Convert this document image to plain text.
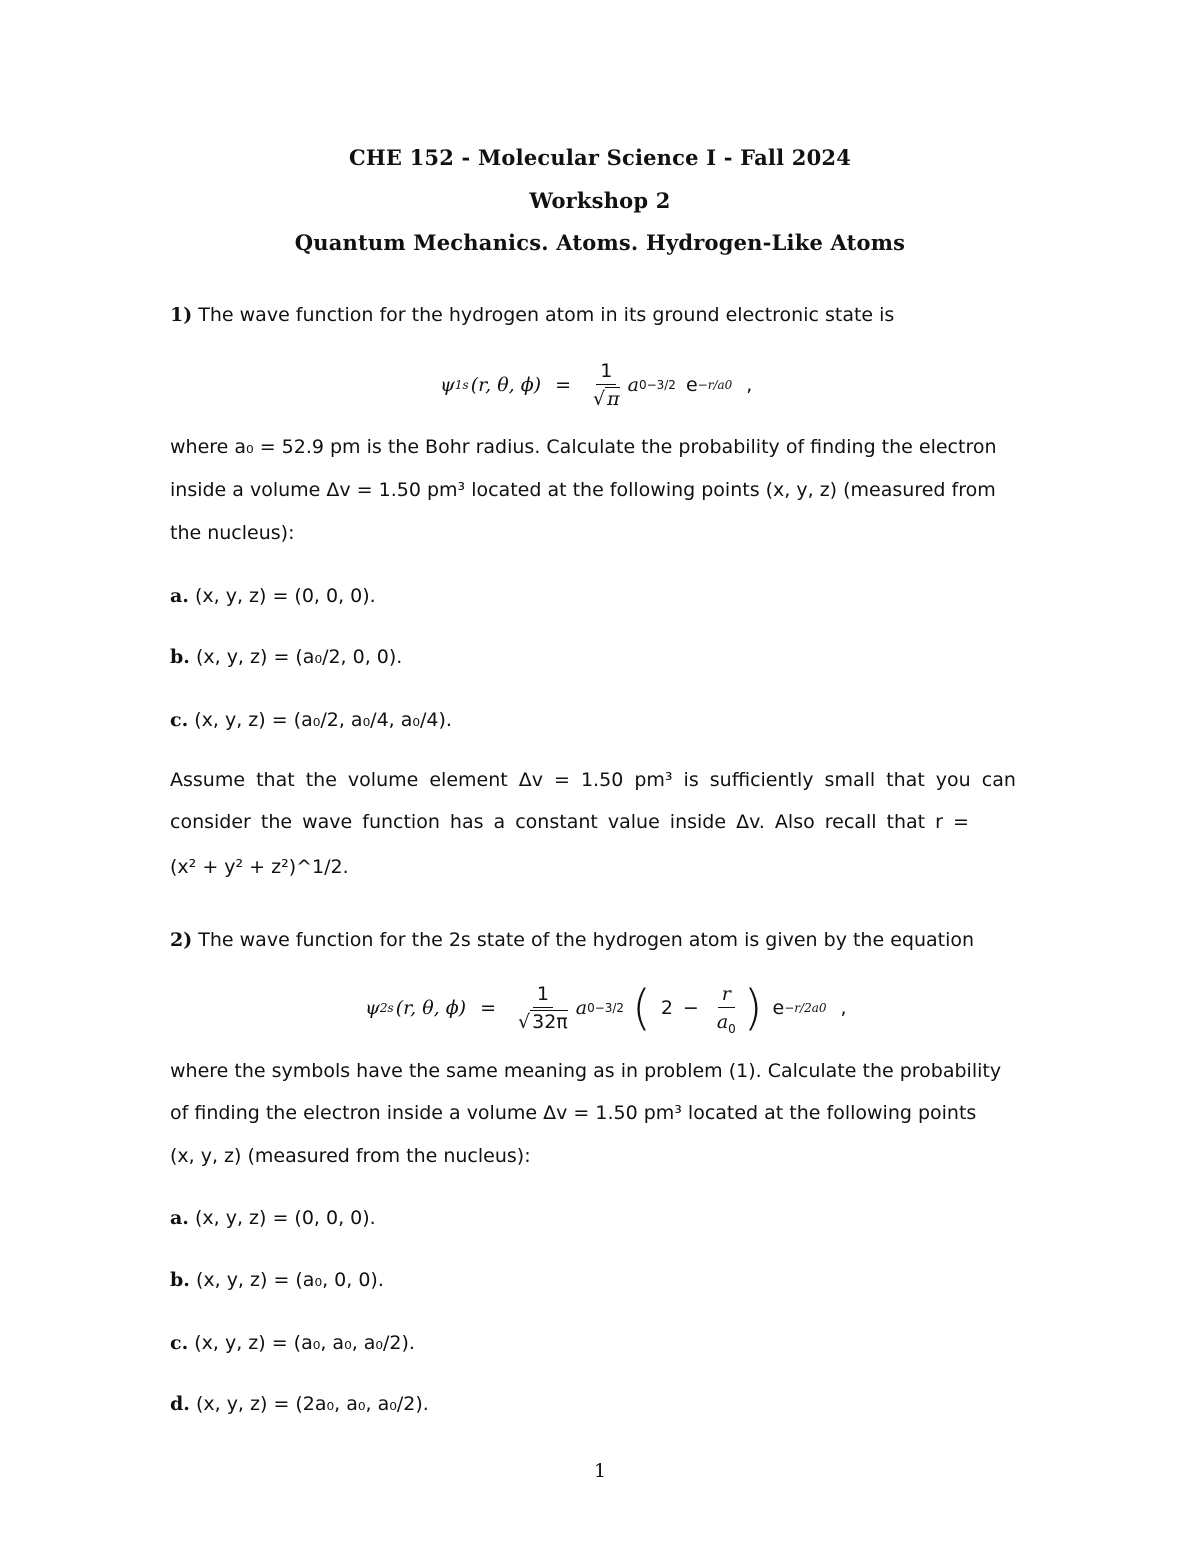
CHE 152 - Molecular Science I - Fall 2024
Workshop 2
Quantum Mechanics. Atoms. Hydrogen-Like Atoms
1) The wave function for the hydrogen atom in its ground electronic state is
ψ 1s (r, θ, $\phi) = \frac{1}{√ \pi}$ a 0 −3/2 e −r/a0 ,
where a₀ = 52.9 pm is the Bohr radius. Calculate the probability of finding the electron
inside a volume Δv = 1.50 pm³ located at the following points (x, y, z) (measured from
the nucleus):
a. (x, y, z) = (0, 0, 0).
b. (x, y, z) = (a₀/2, 0, 0).
c. (x, y, z) = (a₀/2, a₀/4, a₀/4).
Assume that the volume element Δv = 1.50 pm³ is sufficiently small that you can
consider the wave function has a constant value inside Δv. Also recall that r =
(x² + y² + z²)^1/2.
2) The wave function for the 2s state of the hydrogen atom is given by the equation
ψ 2s (r, θ, $\phi) = \frac{1}{√ 32\pi}$ a 0 −3/2 ( $2 - \frac{r}{a_0}$ ) e −r/2a0 ,
where the symbols have the same meaning as in problem (1). Calculate the probability
of finding the electron inside a volume Δv = 1.50 pm³ located at the following points
(x, y, z) (measured from the nucleus):
a. (x, y, z) = (0, 0, 0).
b. (x, y, z) = (a₀, 0, 0).
c. (x, y, z) = (a₀, a₀, a₀/2).
d. (x, y, z) = (2a₀, a₀, a₀/2).
1
